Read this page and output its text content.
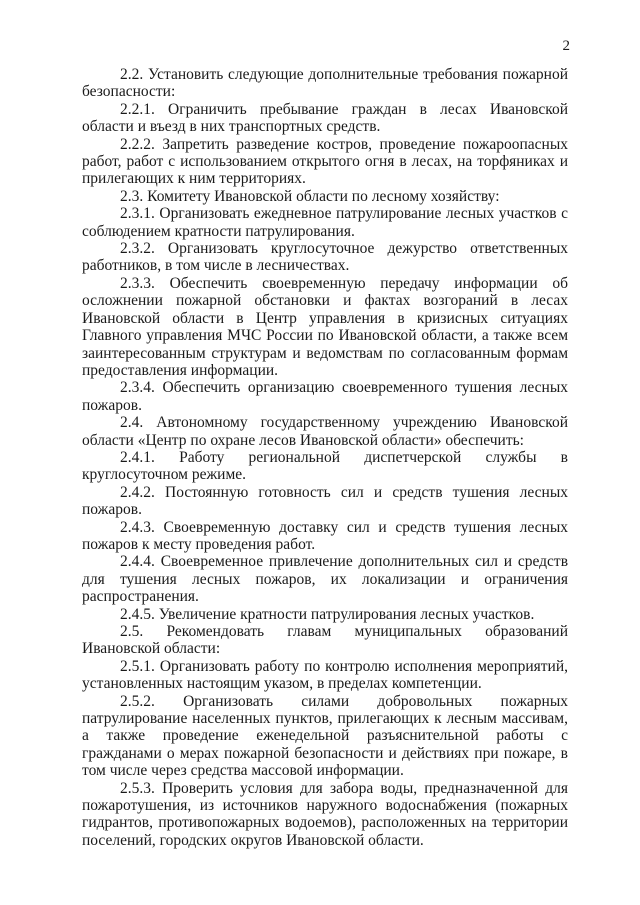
2

2.2. Установить следующие дополнительные требования пожарной безопасности:

2.2.1. Ограничить пребывание граждан в лесах Ивановской области и въезд в них транспортных средств.

2.2.2. Запретить разведение костров, проведение пожароопасных работ, работ с использованием открытого огня в лесах, на торфяниках и прилегающих к ним территориях.

2.3. Комитету Ивановской области по лесному хозяйству:

2.3.1. Организовать ежедневное патрулирование лесных участков с соблюдением кратности патрулирования.

2.3.2. Организовать круглосуточное дежурство ответственных работников, в том числе в лесничествах.

2.3.3. Обеспечить своевременную передачу информации об осложнении пожарной обстановки и фактах возгораний в лесах Ивановской области в Центр управления в кризисных ситуациях Главного управления МЧС России по Ивановской области, а также всем заинтересованным структурам и ведомствам по согласованным формам предоставления информации.

2.3.4. Обеспечить организацию своевременного тушения лесных пожаров.

2.4. Автономному государственному учреждению Ивановской области «Центр по охране лесов Ивановской области» обеспечить:

2.4.1. Работу региональной диспетчерской службы в круглосуточном режиме.

2.4.2. Постоянную готовность сил и средств тушения лесных пожаров.

2.4.3. Своевременную доставку сил и средств тушения лесных пожаров к месту проведения работ.

2.4.4. Своевременное привлечение дополнительных сил и средств для тушения лесных пожаров, их локализации и ограничения распространения.

2.4.5. Увеличение кратности патрулирования лесных участков.

2.5. Рекомендовать главам муниципальных образований Ивановской области:

2.5.1. Организовать работу по контролю исполнения мероприятий, установленных настоящим указом, в пределах компетенции.

2.5.2. Организовать силами добровольных пожарных патрулирование населенных пунктов, прилегающих к лесным массивам, а также проведение еженедельной разъяснительной работы с гражданами о мерах пожарной безопасности и действиях при пожаре, в том числе через средства массовой информации.

2.5.3. Проверить условия для забора воды, предназначенной для пожаротушения, из источников наружного водоснабжения (пожарных гидрантов, противопожарных водоемов), расположенных на территории поселений, городских округов Ивановской области.
